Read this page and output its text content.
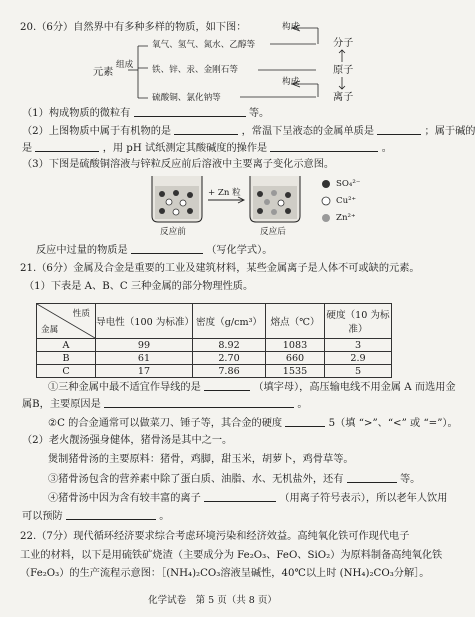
20.（6分）自然界中有多种多样的物质，如下图：
组成
元素
氧气、氢气、氮水、乙醇等
铁、锌、汞、金刚石等
硫酸铜、氯化钠等
构成
构成
分子
原子
离子
（1）构成物质的微粒有	等。
（2）上图物质中属于有机物的是	，常温下呈液态的金属单质是	；属于碱的
是	，用 pH 试纸测定其酸碱度的操作是	。
（3）下图是硫酸铜溶液与锌粒反应前后溶液中主要离子变化示意图。
+ Zn 粒
反应前	反应后
SO₄²⁻
Cu²⁺
Zn²⁺
反应中过量的物质是	（写化学式）。
21.（6分）金属及合金是重要的工业及建筑材料，某些金属离子是人体不可或缺的元素。
（1）下表是 A、B、C 三种金属的部分物理性质。
性质
金属	导电性（100 为标准）	密度（g/cm³）	熔点（℃）	硬度（10 为标准）
A	99	8.92	1083	3
B	61	2.70	660	2.9
C	17	7.86	1535	5
①三种金属中最不适宜作导线的是	（填字母），高压输电线不用金属 A 而选用金
属B，主要原因是	。
②C 的合金通常可以做菜刀、锤子等，其合金的硬度	5（填 “>”、“<” 或 “=”）。
（2）老火靓汤强身健体，猪骨汤是其中之一。
煲制猪骨汤的主要原料：猪骨，鸡脚，甜玉米，胡萝卜，鸡骨草等。
③猪骨汤包含的营养素中除了蛋白质、油脂、水、无机盐外，还有	等。
④猪骨汤中因为含有较丰富的离子	（用离子符号表示），所以老年人饮用
可以预防	。
22.（7分）现代循环经济要求综合考虑环境污染和经济效益。高纯氧化铁可作现代电子
工业的材料，以下是用硫铁矿烧渣（主要成分为 Fe₂O₃、FeO、SiO₂）为原料制备高纯氧化铁
（Fe₂O₃）的生产流程示意图：［(NH₄)₂CO₃溶液呈碱性，40℃以上时 (NH₄)₂CO₃分解］。
化学试卷　第 5 页（共 8 页）
